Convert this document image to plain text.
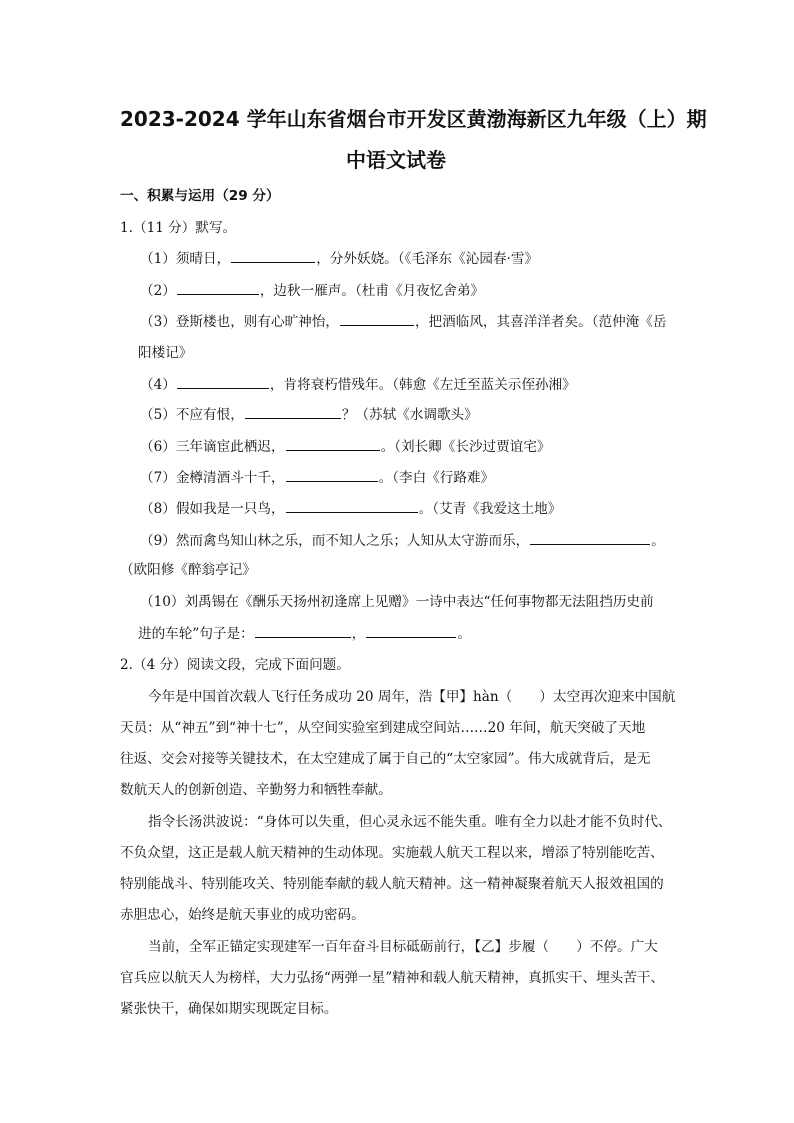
2023-2024 学年山东省烟台市开发区黄渤海新区九年级（上）期
中语文试卷
一、积累与运用（29 分）
1.（11 分）默写。
（1）须晴日，	，分外妖娆。（《毛泽东《沁园春·雪》
（2）	，边秋一雁声。（杜甫《月夜忆舍弟》
（3）登斯楼也，则有心旷神怡，	，把酒临风，其喜洋洋者矣。（范仲淹《岳
阳楼记》
（4）	，肯将衰朽惜残年。（韩愈《左迁至蓝关示侄孙湘》
（5）不应有恨，	？（苏轼《水调歌头》
（6）三年谪宦此栖迟，	。（刘长卿《长沙过贾谊宅》
（7）金樽清酒斗十千，	。（李白《行路难》
（8）假如我是一只鸟，	。（艾青《我爱这土地》
（9）然而禽鸟知山林之乐，而不知人之乐；人知从太守游而乐，	。
（欧阳修《醉翁亭记》
（10）刘禹锡在《酬乐天扬州初逢席上见赠》一诗中表达“任何事物都无法阻挡历史前
进的车轮”句子是：	，	。
2.（4 分）阅读文段，完成下面问题。
今年是中国首次载人飞行任务成功 20 周年，浩【甲】hàn（　　）太空再次迎来中国航
天员：从“神五”到“神十七”，从空间实验室到建成空间站……20 年间，航天突破了天地
往返、交会对接等关键技术，在太空建成了属于自己的“太空家园”。伟大成就背后，是无
数航天人的创新创造、辛勤努力和牺牲奉献。
指令长汤洪波说：“身体可以失重，但心灵永远不能失重。唯有全力以赴才能不负时代、
不负众望，这正是载人航天精神的生动体现。实施载人航天工程以来，增添了特别能吃苦、
特别能战斗、特别能攻关、特别能奉献的载人航天精神。这一精神凝聚着航天人报效祖国的
赤胆忠心，始终是航天事业的成功密码。
当前，全军正锚定实现建军一百年奋斗目标砥砺前行，【乙】步履（　　）不停。广大
官兵应以航天人为榜样，大力弘扬“两弹一星”精神和载人航天精神，真抓实干、埋头苦干、
紧张快干，确保如期实现既定目标。
